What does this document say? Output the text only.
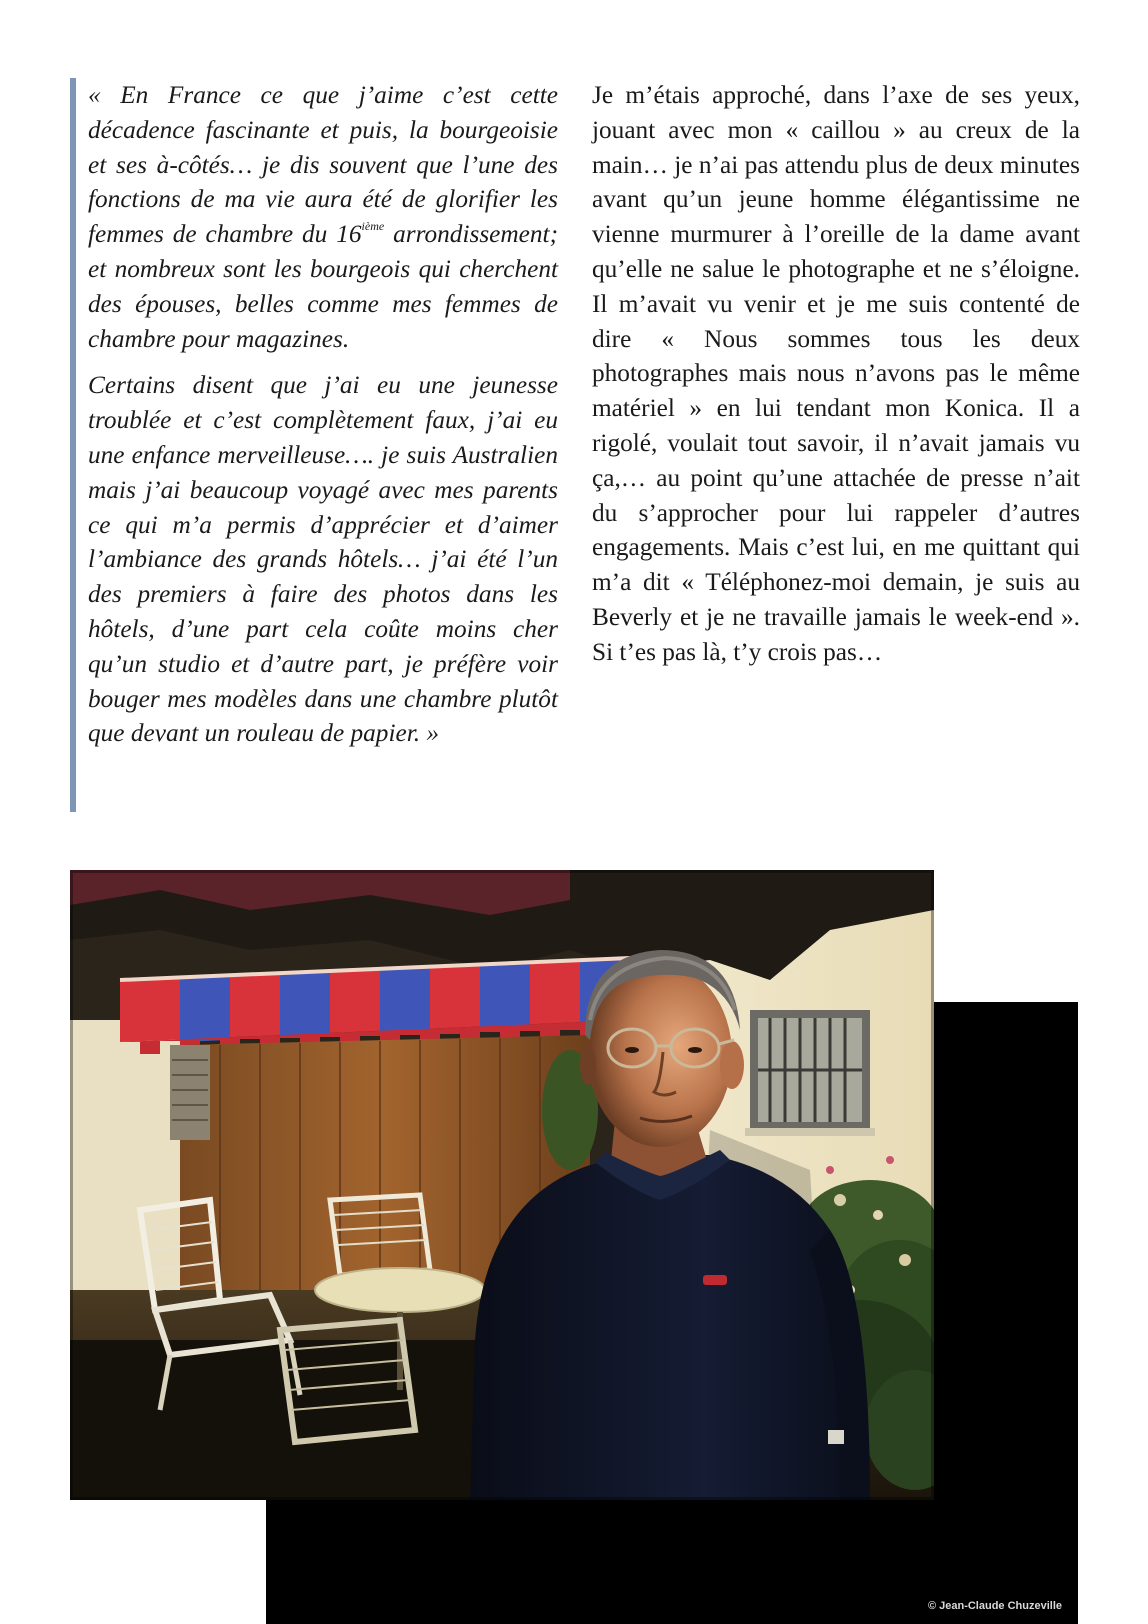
« En France ce que j’aime c’est cette décadence fascinante et puis, la bourgeoisie et ses à-côtés… je dis souvent que l’une des fonctions de ma vie aura été de glorifier les femmes de chambre du 16ième arrondissement; et nombreux sont les bourgeois qui cherchent des épouses, belles comme mes femmes de chambre pour magazines.

Certains disent que j’ai eu une jeunesse troublée et c’est complètement faux, j’ai eu une enfance merveilleuse…. je suis Australien mais j’ai beaucoup voyagé avec mes parents ce qui m’a permis d’apprécier et d’aimer l’ambiance des grands hôtels… j’ai été l’un des premiers à faire des photos dans les hôtels, d’une part cela coûte moins cher qu’un studio et d’autre part, je préfère voir bouger mes modèles dans une chambre plutôt que devant un rouleau de papier. »

Je m’étais approché, dans l’axe de ses yeux, jouant avec mon « caillou » au creux de la main… je n’ai pas attendu plus de deux minutes avant qu’un jeune homme élégantissime ne vienne murmurer à l’oreille de la dame avant qu’elle ne salue le photographe et ne s’éloigne. Il m’avait vu venir et je me suis contenté de dire « Nous sommes tous les deux photographes mais nous n’avons pas le même matériel » en lui tendant mon Konica. Il a rigolé, voulait tout savoir, il n’avait jamais vu ça,… au point qu’une attachée de presse n’ait du s’approcher pour lui rappeler d’autres engagements. Mais c’est lui, en me quittant qui m’a dit « Téléphonez-moi demain, je suis au Beverly et je ne travaille jamais le week-end ». Si t’es pas là, t’y crois pas…

© Jean-Claude Chuzeville
